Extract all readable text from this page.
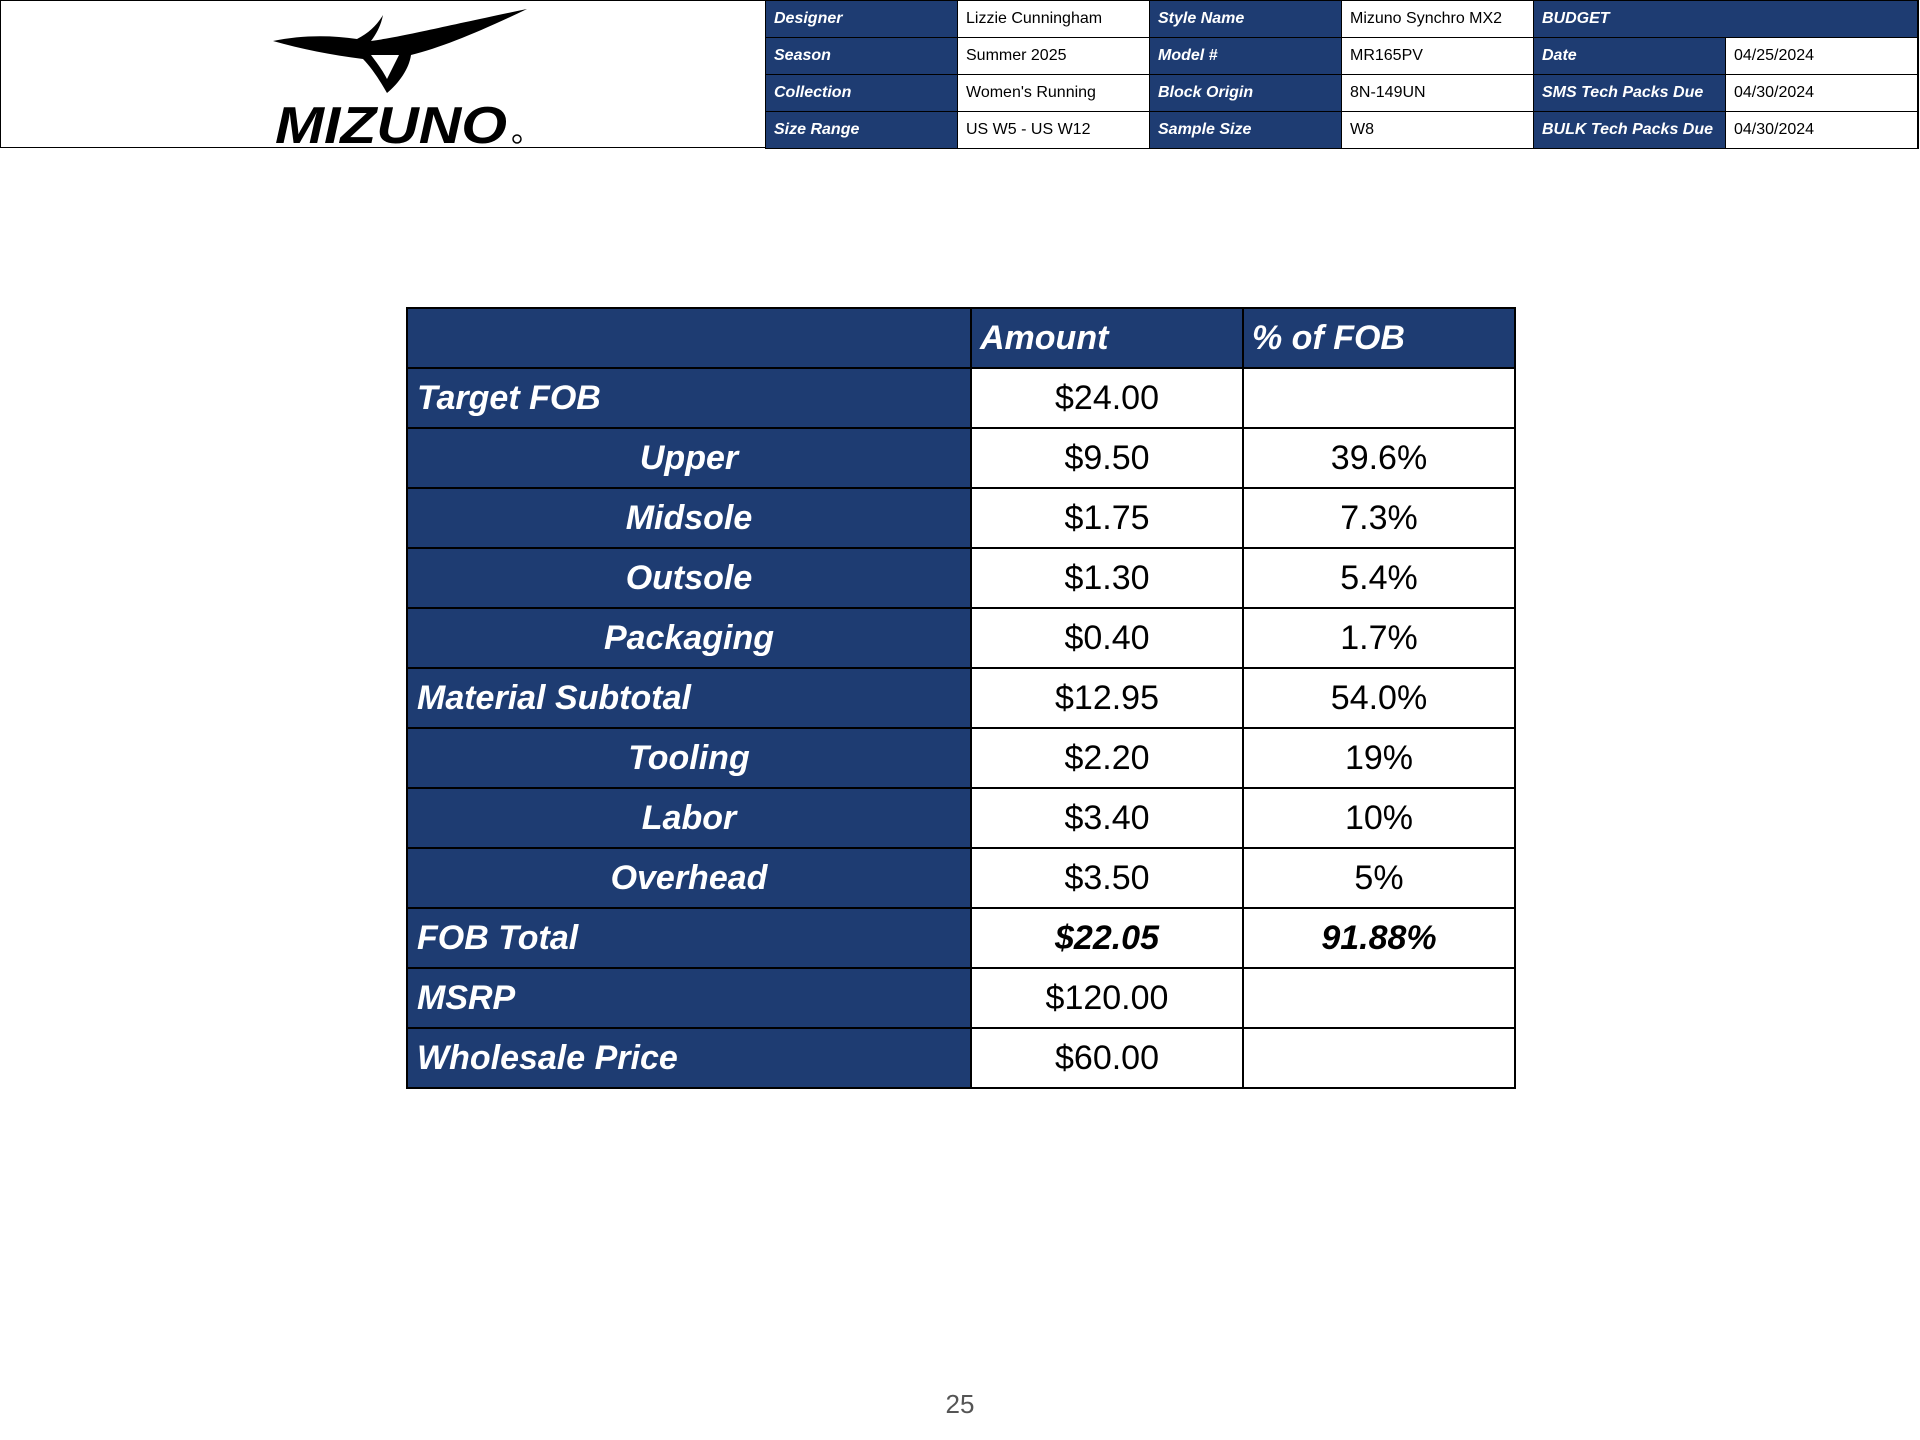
MIZUNO
Designer	Lizzie Cunningham	Style Name	Mizuno Synchro MX2	BUDGET
Season	Summer 2025	Model #	MR165PV	Date	04/25/2024
Collection	Women's Running	Block Origin	8N-149UN	SMS Tech Packs Due	04/30/2024
Size Range	US W5 - US W12	Sample Size	W8	BULK Tech Packs Due	04/30/2024
	Amount	% of FOB
Target FOB	$24.00	
Upper	$9.50	39.6%
Midsole	$1.75	7.3%
Outsole	$1.30	5.4%
Packaging	$0.40	1.7%
Material Subtotal	$12.95	54.0%
Tooling	$2.20	19%
Labor	$3.40	10%
Overhead	$3.50	5%
FOB Total	$22.05	91.88%
MSRP	$120.00	
Wholesale Price	$60.00	
25
